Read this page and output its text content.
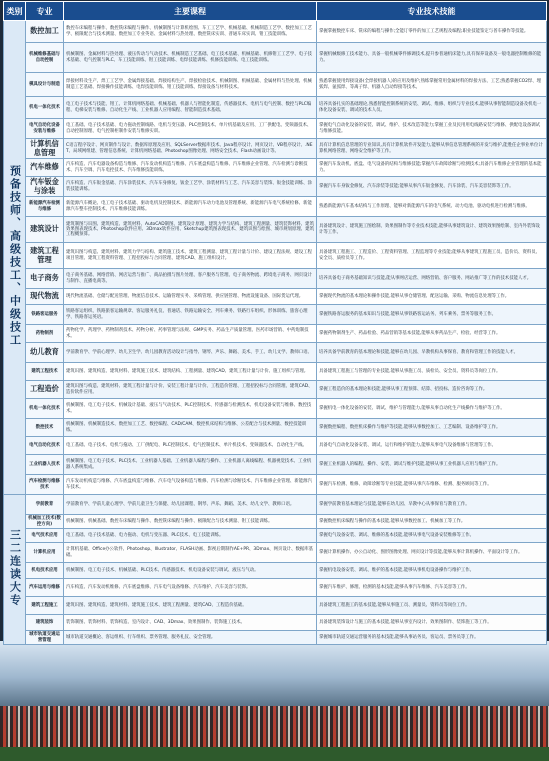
类别	专业	主要课程	专业技术技能
预备技师、高级技工、中级技工	数控加工	数控车床编程与操作、数控铣床编程与操作、机械制图与计算机绘图、车工工艺学、机械基础、机械制造工艺学、数控加工工艺学、极限配合与技术测量、数控加工专业英语、金属材料与热处理、数控铣床实训、普通车床实训、钳工技能训练。	掌握掌握数控车床、铣床的编程与操作;全能订零件的加工工艺规程及编程;职业技能鉴定与普车操作等技能。
	机械维修基础与自动控制	机械制图、金属材料与热处理、液压传动与气动技术、机械制造工艺基础、电工技术基础、机械基础、机修钳工工艺学、电子技术基础、电气控制与PLC、车工技能训练、钳工技能训练、电焊技能训练、机修技能训练、电工技能训练。	掌握机械级修工技术能力、具备一般机械零件修调技术,提升参普通机床能力,具有保养设备及一般电器控制维修的能力。
	模具设计与制造	焊接材料及生产、焊工工艺学、金属焊接基础、焊接结构生产、焊接检验技术、机械制图、机械基础、金属材料与热处理、机械制造工艺基础、焊接操作技能训练、电焊技能训练、钳工技能训练、焊接设备与材料技术。	熟悉掌握使用焊接设备(全焊接机器人)的应用及维护;熟练掌握常用金属材料的焊接方法、工艺;熟悉掌握CO2焊、埋弧焊、氩弧焊、等离子焊、机器人自动焊接等技术。
	机电一体化技术	电工电子技术与技能、钳工、计算机网络基础、机械基础、机器人与智能化制造、传感器技术、电机与电气控制、数控与PLC编程、电梯安装与维修、自动化生产线、工业机器人应用编程、智能制造技术基础。	培养具备扎实的基础理论,熟悉智能控制系统的安装、调试、维修、组织与专业技术,能够从事智能制造设备及机电一体化设备安装、调试的技术人员。
	电气自动化设备安装与维修	电工基础、电子技术基础、电力拖动控制线路、电机与变压器、PLC控制技术、单片机基础及应用、工厂供配电、变频器技术、自动控制原理、电气控制柜制作安装与维修实训。	掌握电气自动化设备的安装、调试、维护、技术改造等能力;掌握工业及民用用电线路安装与维修、供配电设备调试与维修技能。
	计算机信息管理	C语言程序设计、网页制作与设计、数据库原理及应用、SQLServer数据库技术、Java程序设计、网页设计、VB程序设计、.NET、局域网组建、管理信息系统、计算机网络基础、Photoshop图像处理、网络安全技术、Flash动画设计等。	具有计算机信息管理的专业知识,具有计算机软件开发能力,能够从事信息管理系统的开发与维护,能胜任企事业单位计算机网络管理、网络安全维护等工作。
	汽车维修	汽车构造、汽车电器设备构造与维修、汽车发动机构造与维修、汽车底盘构造与维修、汽车维修企业管理、汽车检测与诊断技术、汽车空调、汽车电控技术、汽车维修技能训练。	掌握汽车发动机、底盘、电气设备的结构与维修技能;掌握汽车故障诊断与检测技术;具备汽车维修企业管理的基本能力。
	汽车钣金与涂装	汽车构造、汽车钣金基础、汽车涂装技术、汽车车身修复、钣金工艺学、涂装材料与工艺、汽车美容与装饰、钣金技能训练、涂装技能训练。	掌握汽车车身钣金修复、汽车涂装等技能;能够从事汽车钣金修复、汽车涂装、汽车美容装饰等工作。
	新能源汽车检测与维修	新能源汽车概论、电工电子技术基础、驱动电机及控制技术、新能源汽车动力电池及管理系统、新能源汽车电气系统检修、新能源汽车整车控制技术、汽车维修技能训练。	熟悉新能源汽车基本结构与工作原理、能够对新能源汽车的电气系统、动力电池、驱动电机进行检测与维修。
	建筑设计	建筑制图与识图、建筑构造、建筑材料、AutoCAD制图、建筑设计原理、建筑力学与结构、建筑工程测量、建筑装饰材料、建筑效果图表现技术、Photoshop软件应用、3Dmax软件应用、Sketchup建筑图表现技术、建筑识图与绘图、城市规划原理、建筑工程概预算。	具备建筑设计、建筑施工图绘制、效果图制作等专业技术技能,能够从事建筑设计、建筑效果图绘制、室内外装饰设计等工作。
	建筑工程管理	建筑识图与构造、建筑材料、建筑力学与结构、建筑施工技术、建筑工程测量、建筑工程计量与计价、建设工程法规、建设工程项目管理、建筑工程资料管理、工程招投标与合同管理、建筑CAD、施工组织设计。	具备建筑工程施工、工程造价、工程资料管理、工程监理等专业技能;能够从事建筑工程施工员、造价员、资料员、安全员、质检员等工作。
	电子商务	电子商务基础、网络营销、网店运营与推广、商品拍摄与图片处理、客户服务与管理、电子商务物流、跨境电子商务、网页设计与制作、直播电商等。	培养具备电子商务基础知识与技能,能从事网店运营、网络营销、客户服务、网站推广等工作的技术技能人才。
	现代物流	现代物流基础、仓储与配送管理、物流信息技术、运输管理实务、采购管理、供应链管理、物流设施设备、国际货运代理。	掌握现代物流的基本理论和操作技能,能够从事仓储管理、配送运输、采购、物流信息处理等工作。
	铁路客运服务	铁路客运组织、铁路旅客运输规章、客运服务礼仪、普通话、铁路运输安全、列车乘务、铁路行车组织、形体训练、旅客心理学、铁路客运英语。	掌握铁路客运服务的基本知识与技能,能够从事铁路客运站务、列车乘务、票务等服务工作。
	药物制剂	药物化学、药理学、药物制剂技术、药物分析、药事管理与法规、GMP实务、药品生产质量管理、医药市场营销、中药炮制技术。	掌握药物制剂生产、药品检验、药品营销等基本技能,能够从事药品生产、检验、经营等工作。
	幼儿教育	学前教育学、学前心理学、幼儿卫生学、幼儿园教育活动设计与指导、钢琴、声乐、舞蹈、美术、手工、幼儿文学、教师口语。	培养具备学前教育的基本理论和技能,能够在幼儿园、早教机构从事保育、教育和管理工作的技能人才。
	建筑工程技术	建筑识图、建筑构造、建筑材料、建筑施工技术、建筑结构、工程测量、建筑CAD、建筑工程计量与计价、施工组织与管理。	具备建筑工程施工与管理的专业技能,能够从事施工员、质检员、安全员、资料员等岗位工作。
	工程造价	建筑识图与构造、建筑材料、建筑工程计量与计价、安装工程计量与计价、工程造价管理、工程招投标与合同管理、建筑CAD、造价软件应用。	掌握工程造价的基本理论和技能,能够从事工程预算、结算、招投标、造价咨询等工作。
	机电一体化技术	机械制图、电工电子技术、机械设计基础、液压与气动技术、PLC控制技术、传感器与检测技术、机电设备安装与维修、数控技术。	掌握机电一体化设备的安装、调试、维护与管理能力,能够从事自动化生产线操作与维护等工作。
	数控技术	机械制图、机械制造技术、数控加工工艺、数控编程、CAD/CAM、数控机床结构与维修、公差配合与技术测量、数控技能训练。	掌握数控编程、数控机床操作与维护等技能,能够从事数控加工、工艺编制、设备维护等工作。
	电气自动化技术	电工基础、电子技术、电机与拖动、工厂供配电、PLC控制技术、电气控制技术、单片机技术、变频器技术、自动化生产线。	具备电气自动化设备安装、调试、运行和维护的能力,能够从事电气设备维修与管理等工作。
	工业机器人技术	机械制图、电工电子技术、PLC技术、工业机器人基础、工业机器人编程与操作、工业机器人离线编程、机器视觉技术、工业机器人系统集成。	掌握工业机器人的编程、操作、安装、调试与维护技能,能够从事工业机器人应用与维护工作。
	汽车检测与维修技术	汽车发动机构造与维修、汽车底盘构造与维修、汽车电气设备构造与维修、汽车检测与诊断技术、汽车维修企业管理、新能源汽车技术。	掌握汽车检测、维修、故障诊断等专业技能,能够从事汽车维修、检测、服务顾问等工作。
三二连读大专	学前教育	学前教育学、学前儿童心理学、学前儿童卫生与保健、幼儿园课程、钢琴、声乐、舞蹈、美术、幼儿文学、教师口语。	掌握学前教育基本理论与技能,能够在幼儿园、早教中心从事保育与教育工作。
	机械加工技术(数控方向)	机械制图、机械基础、数控车床编程与操作、数控铣床编程与操作、极限配合与技术测量、钳工技能训练。	掌握数控机床编程与操作的基本技能,能够从事数控加工、机械加工等工作。
	电气技术应用	电工基础、电子技术基础、电力拖动、电机与变压器、PLC技术、电工技能训练。	掌握电气设备安装、调试、维修的基本技能,能够从事电气设备安装维修等工作。
	计算机应用	计算机基础、Office办公软件、Photoshop、Illustrator、FLASH动画、影视后期制作AE+PR、3Dmax、网页设计、数据库基础。	掌握计算机操作、办公自动化、图形图像处理、网页设计等技能,能够从事计算机操作、平面设计等工作。
	机电技术应用	机械制图、电工电子技术、机械基础、PLC技术、传感器技术、机电设备安装与调试、液压与气动。	掌握机电设备安装、调试、维护的基本技能,能够从事机电设备操作与维护工作。
	汽车运用与维修	汽车构造、汽车发动机维修、汽车底盘维修、汽车电气设备维修、汽车维护、汽车美容与装饰。	掌握汽车维护、修理、检测的基本技能,能够从事汽车维修、汽车美容等工作。
	建筑工程施工	建筑识图、建筑构造、建筑材料、建筑施工技术、建筑工程测量、建筑CAD、工程造价基础。	具备建筑工程施工的基本技能,能够从事施工员、测量员、资料员等岗位工作。
	建筑装饰	装饰制图、装饰材料、装饰构造、室内设计、CAD、3Dmax、效果图制作、装饰施工技术。	具备建筑装饰设计与施工的基本技能,能够从事室内设计、效果图制作、装饰施工等工作。
	城市轨道交通运营管理	城市轨道交通概论、客运组织、行车组织、票务管理、服务礼仪、安全管理。	掌握城市轨道交通运营服务的基本技能,能够从事站务员、客运员、票务员等工作。
